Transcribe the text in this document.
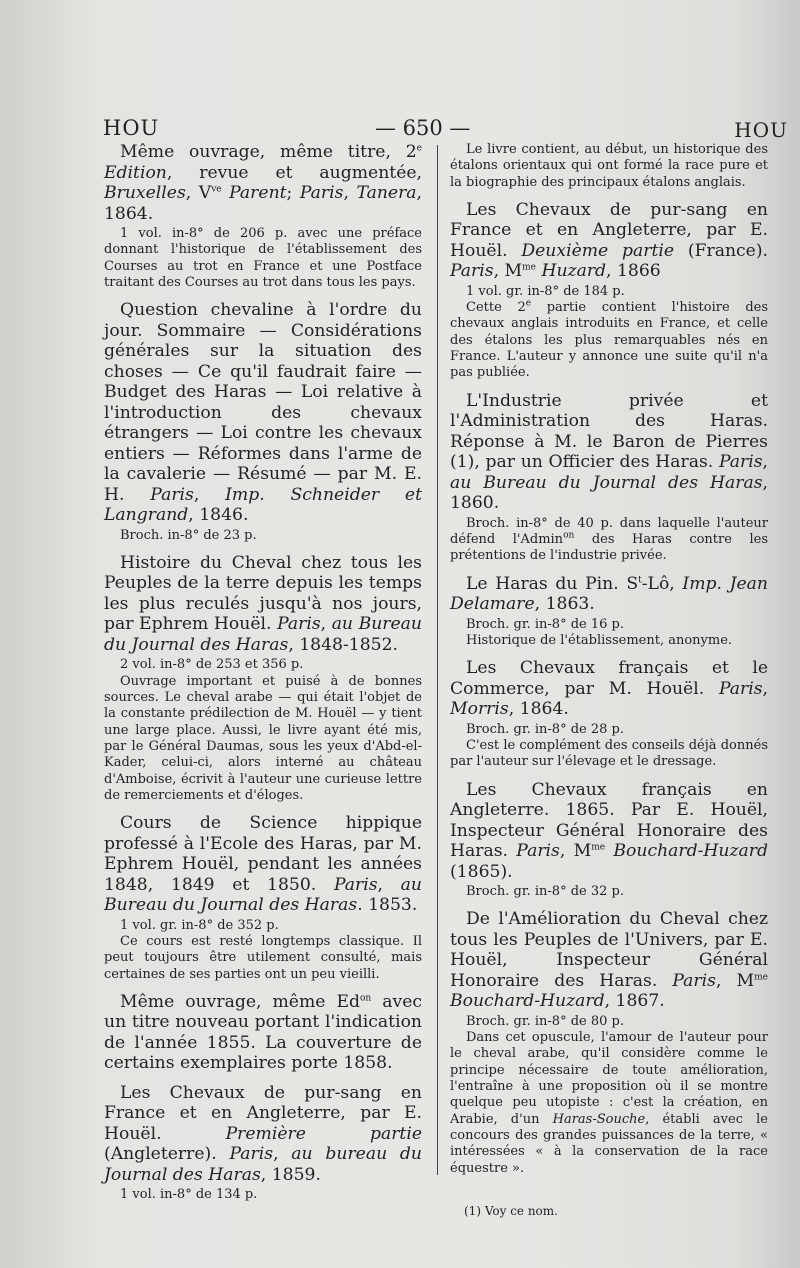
HOU	— 650 —	HOU

Même ouvrage, même titre, 2e Edition, revue et augmentée, Bruxelles, $V^{ve}$ Parent; Paris, Tanera, 1864.

1 vol. in-8° de 206 p. avec une préface donnant l'historique de l'établissement des Courses au trot en France et une Postface traitant des Courses au trot dans tous les pays.

Question chevaline à l'ordre du jour. Sommaire — Considérations générales sur la situation des choses — Ce qu'il faudrait faire — Budget des Haras — Loi relative à l'introduction des chevaux étrangers — Loi contre les chevaux entiers — Réformes dans l'arme de la cavalerie — Résumé — par M. E. H. Paris, Imp. Schneider et Langrand, 1846.

Broch. in-8° de 23 p.

Histoire du Cheval chez tous les Peuples de la terre depuis les temps les plus reculés jusqu'à nos jours, par Ephrem Houël. Paris, au Bureau du Journal des Haras, 1848-1852.

2 vol. in-8° de 253 et 356 p.

Ouvrage important et puisé à de bonnes sources. Le cheval arabe — qui était l'objet de la constante prédilection de M. Houël — y tient une large place. Aussi, le livre ayant été mis, par le Général Daumas, sous les yeux d'Abd-el-Kader, celui-ci, alors interné au château d'Amboise, écrivit à l'auteur une curieuse lettre de remerciements et d'éloges.

Cours de Science hippique professé à l'Ecole des Haras, par M. Ephrem Houël, pendant les années 1848, 1849 et 1850. Paris, au Bureau du Journal des Haras. 1853.

1 vol. gr. in-8° de 352 p.

Ce cours est resté longtemps classique. Il peut toujours être utilement consulté, mais certaines de ses parties ont un peu vieilli.

Même ouvrage, même $Ed^{on}$ avec un titre nouveau portant l'indication de l'année 1855. La couverture de certains exemplaires porte 1858.

Les Chevaux de pur-sang en France et en Angleterre, par E. Houël. Première partie (Angleterre). Paris, au bureau du Journal des Haras, 1859.

1 vol. in-8° de 134 p.

Le livre contient, au début, un historique des étalons orientaux qui ont formé la race pure et la biographie des principaux étalons anglais.

Les Chevaux de pur-sang en France et en Angleterre, par E. Houël. Deuxième partie (France). Paris, $M^{me}$ Huzard, 1866

1 vol. gr. in-8° de 184 p.

Cette 2e partie contient l'histoire des chevaux anglais introduits en France, et celle des étalons les plus remarquables nés en France. L'auteur y annonce une suite qu'il n'a pas publiée.

L'Industrie privée et l'Administration des Haras. Réponse à M. le Baron de Pierres (1), par un Officier des Haras. Paris, au Bureau du Journal des Haras, 1860.

Broch. in-8° de 40 p. dans laquelle l'auteur défend l'Admin$^{on}$ des Haras contre les prétentions de l'industrie privée.

Le Haras du Pin. $S^t-Lô$, Imp. Jean Delamare, 1863.

Broch. gr. in-8° de 16 p.

Historique de l'établissement, anonyme.

Les Chevaux français et le Commerce, par M. Houël. Paris, Morris, 1864.

Broch. gr. in-8° de 28 p.

C'est le complément des conseils déjà donnés par l'auteur sur l'élevage et le dressage.

Les Chevaux français en Angleterre. 1865. Par E. Houël, Inspecteur Général Honoraire des Haras. Paris, $M^{me}$ Bouchard-Huzard (1865).

Broch. gr. in-8° de 32 p.

De l'Amélioration du Cheval chez tous les Peuples de l'Univers, par E. Houël, Inspecteur Général Honoraire des Haras. Paris, $M^{me}$ Bouchard-Huzard, 1867.

Broch. gr. in-8° de 80 p.

Dans cet opuscule, l'amour de l'auteur pour le cheval arabe, qu'il considère comme le principe nécessaire de toute amélioration, l'entraîne à une proposition où il se montre quelque peu utopiste : c'est la création, en Arabie, d'un Haras-Souche, établi avec le concours des grandes puissances de la terre, « intéressées « à la conservation de la race équestre ».

(1) Voy ce nom.
